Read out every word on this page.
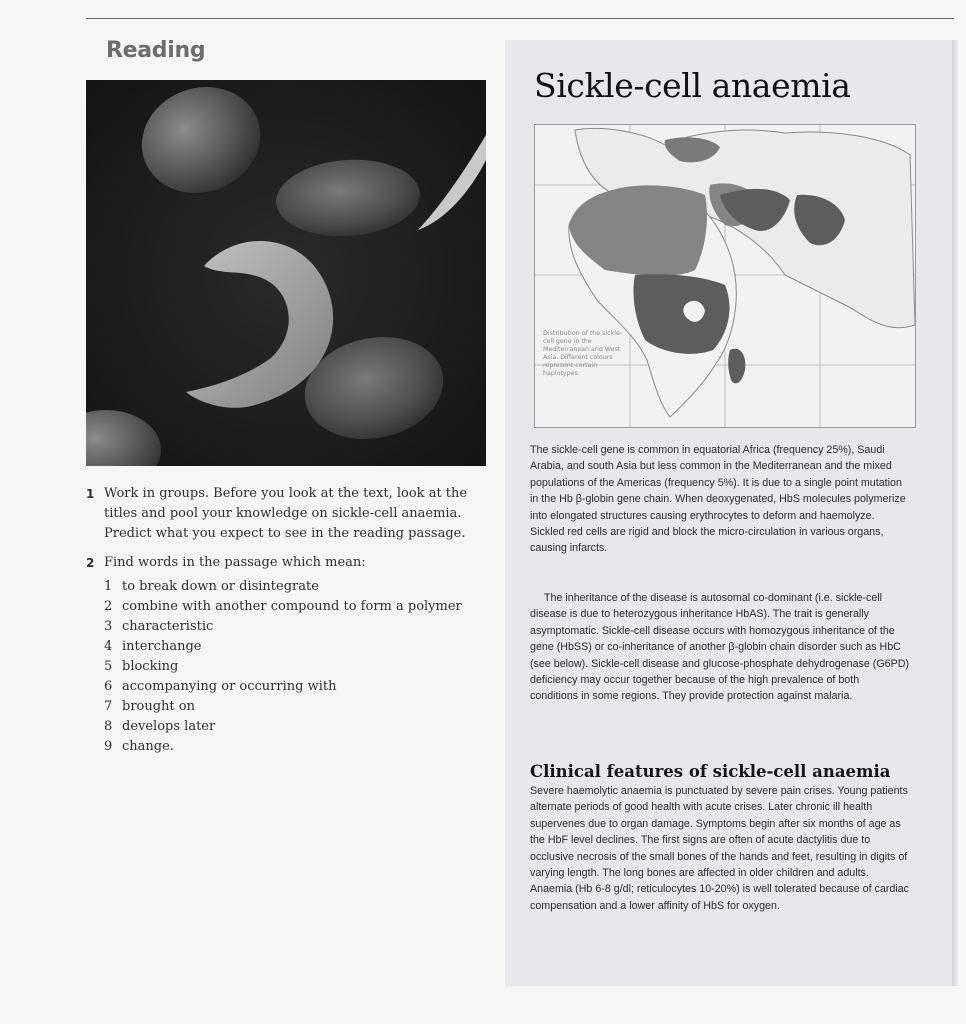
Reading
1 Work in groups. Before you look at the text, look at the titles and pool your knowledge on sickle-cell anaemia. Predict what you expect to see in the reading passage.
2 Find words in the passage which mean:
1 to break down or disintegrate
2 combine with another compound to form a polymer
3 characteristic
4 interchange
5 blocking
6 accompanying or occurring with
7 brought on
8 develops later
9 change.
Sickle-cell anaemia
Distribution of the sickle-cell gene in the Mediterranean and West Asia. Different colours represent certain haplotypes.

The sickle-cell gene is common in equatorial Africa (frequency 25%), Saudi Arabia, and south Asia but less common in the Mediterranean and the mixed populations of the Americas (frequency 5%). It is due to a single point mutation in the Hb β-globin gene chain. When deoxygenated, HbS molecules polymerize into elongated structures causing erythrocytes to deform and haemolyze. Sickled red cells are rigid and block the micro-circulation in various organs, causing infarcts.

The inheritance of the disease is autosomal co-dominant (i.e. sickle-cell disease is due to heterozygous inheritance HbAS). The trait is generally asymptomatic. Sickle-cell disease occurs with homozygous inheritance of the gene (HbSS) or co-inheritance of another β-globin chain disorder such as HbC (see below). Sickle-cell disease and glucose-phosphate dehydrogenase (G6PD) deficiency may occur together because of the high prevalence of both conditions in some regions. They provide protection against malaria.

Clinical features of sickle-cell anaemia

Severe haemolytic anaemia is punctuated by severe pain crises. Young patients alternate periods of good health with acute crises. Later chronic ill health supervenes due to organ damage. Symptoms begin after six months of age as the HbF level declines. The first signs are often of acute dactylitis due to occlusive necrosis of the small bones of the hands and feet, resulting in digits of varying length. The long bones are affected in older children and adults. Anaemia (Hb 6-8 g/dl; reticulocytes 10-20%) is well tolerated because of cardiac compensation and a lower affinity of HbS for oxygen.
